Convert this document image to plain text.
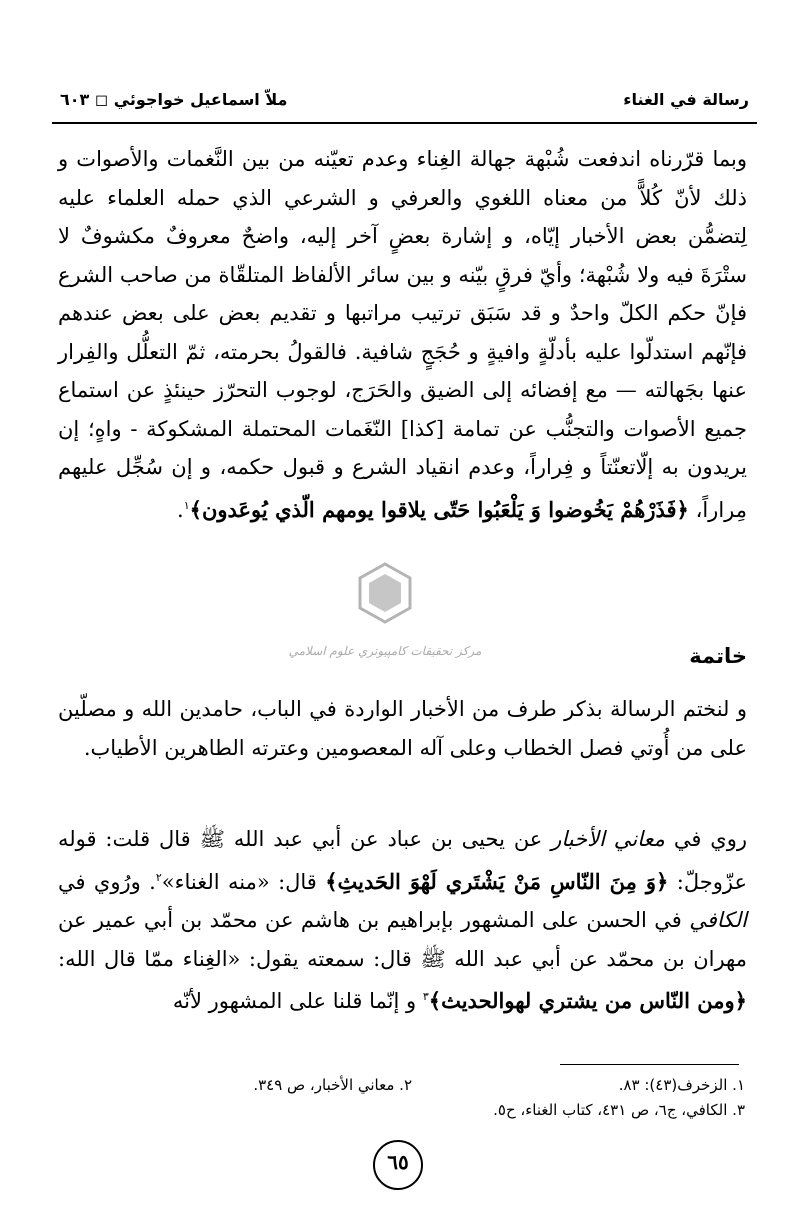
رسالة في الغناء
ملاّ اسماعيل خواجوئي ◻ ٦٠٣

وبما قرّرناه اندفعت شُبْهة جهالة الغِناء وعدم تعيّنه من بين النَّغمات والأصوات و ذلك لأنّ كُلاًّ من معناه اللغوي والعرفي و الشرعي الذي حمله العلماء عليه لِتضمُّن بعض الأخبار إيّاه، و إشارة بعضٍ آخر إليه، واضحٌ معروفٌ مكشوفٌ لا ستْرَةَ فيه ولا شُبْهة؛ وأيّ فرقٍ بيّنه و بين سائر الألفاظ المتلقّاة من صاحب الشرع فإنّ حكم الكلّ واحدٌ و قد سَبَق ترتيب مراتبها و تقديم بعض على بعض عندهم فإنّهم استدلّوا عليه بأدلّةٍ وافيةٍ و حُجَجٍ شافية. فالقولُ بحرمته، ثمّ التعلُّل والفِرار عنها بجَهالته — مع إفضائه إلى الضيق والحَرَج، لوجوب التحرّز حينئذٍ عن استماع جميع الأصوات والتجنُّب عن تمامة [كذا] النّغَمات المحتملة المشكوكة - واهٍ؛ إن يريدون به إلّاتعنّتاً و فِراراً، وعدم انقياد الشرع و قبول حكمه، و إن سُجِّل عليهم مِراراً، ﴿فَذَرْهُمْ يَخُوضوا وَ يَلْعَبُوا حَتّى يلاقوا يومهم الّذي يُوعَدون﴾$^١$.

مركز تحقيقات كامپيوتري علوم اسلامي	خاتمة

و لنختم الرسالة بذكر طرف من الأخبار الواردة في الباب، حامدين الله و مصلّين على من أُوتي فصل الخطاب وعلى آله المعصومين وعترته الطاهرين الأطياب.

روي في معاني الأخبار عن يحيى بن عباد عن أبي عبد الله ﷺ قال قلت: قوله عزّوجلّ: ﴿وَ مِنَ النّاسِ مَنْ يَشْتَري لَهْوَ الحَديثِ﴾ قال: «منه الغناء»$^٢$. ورُوي في الكافي في الحسن على المشهور بإبراهيم بن هاشم عن محمّد بن أبي عمير عن مهران بن محمّد عن أبي عبد الله ﷺ قال: سمعته يقول: «الغِناء ممّا قال الله: ﴿ومن النّاس من يشتري لهوالحديث﴾$^٣$ و إنّما قلنا على المشهور لأنّه

١. الزخرف(٤٣): ٨٣.
٢. معاني الأخبار، ص ٣٤٩.
٣. الكافي، ج٦، ص ٤٣١، كتاب الغناء، ح٥.
٦٥
